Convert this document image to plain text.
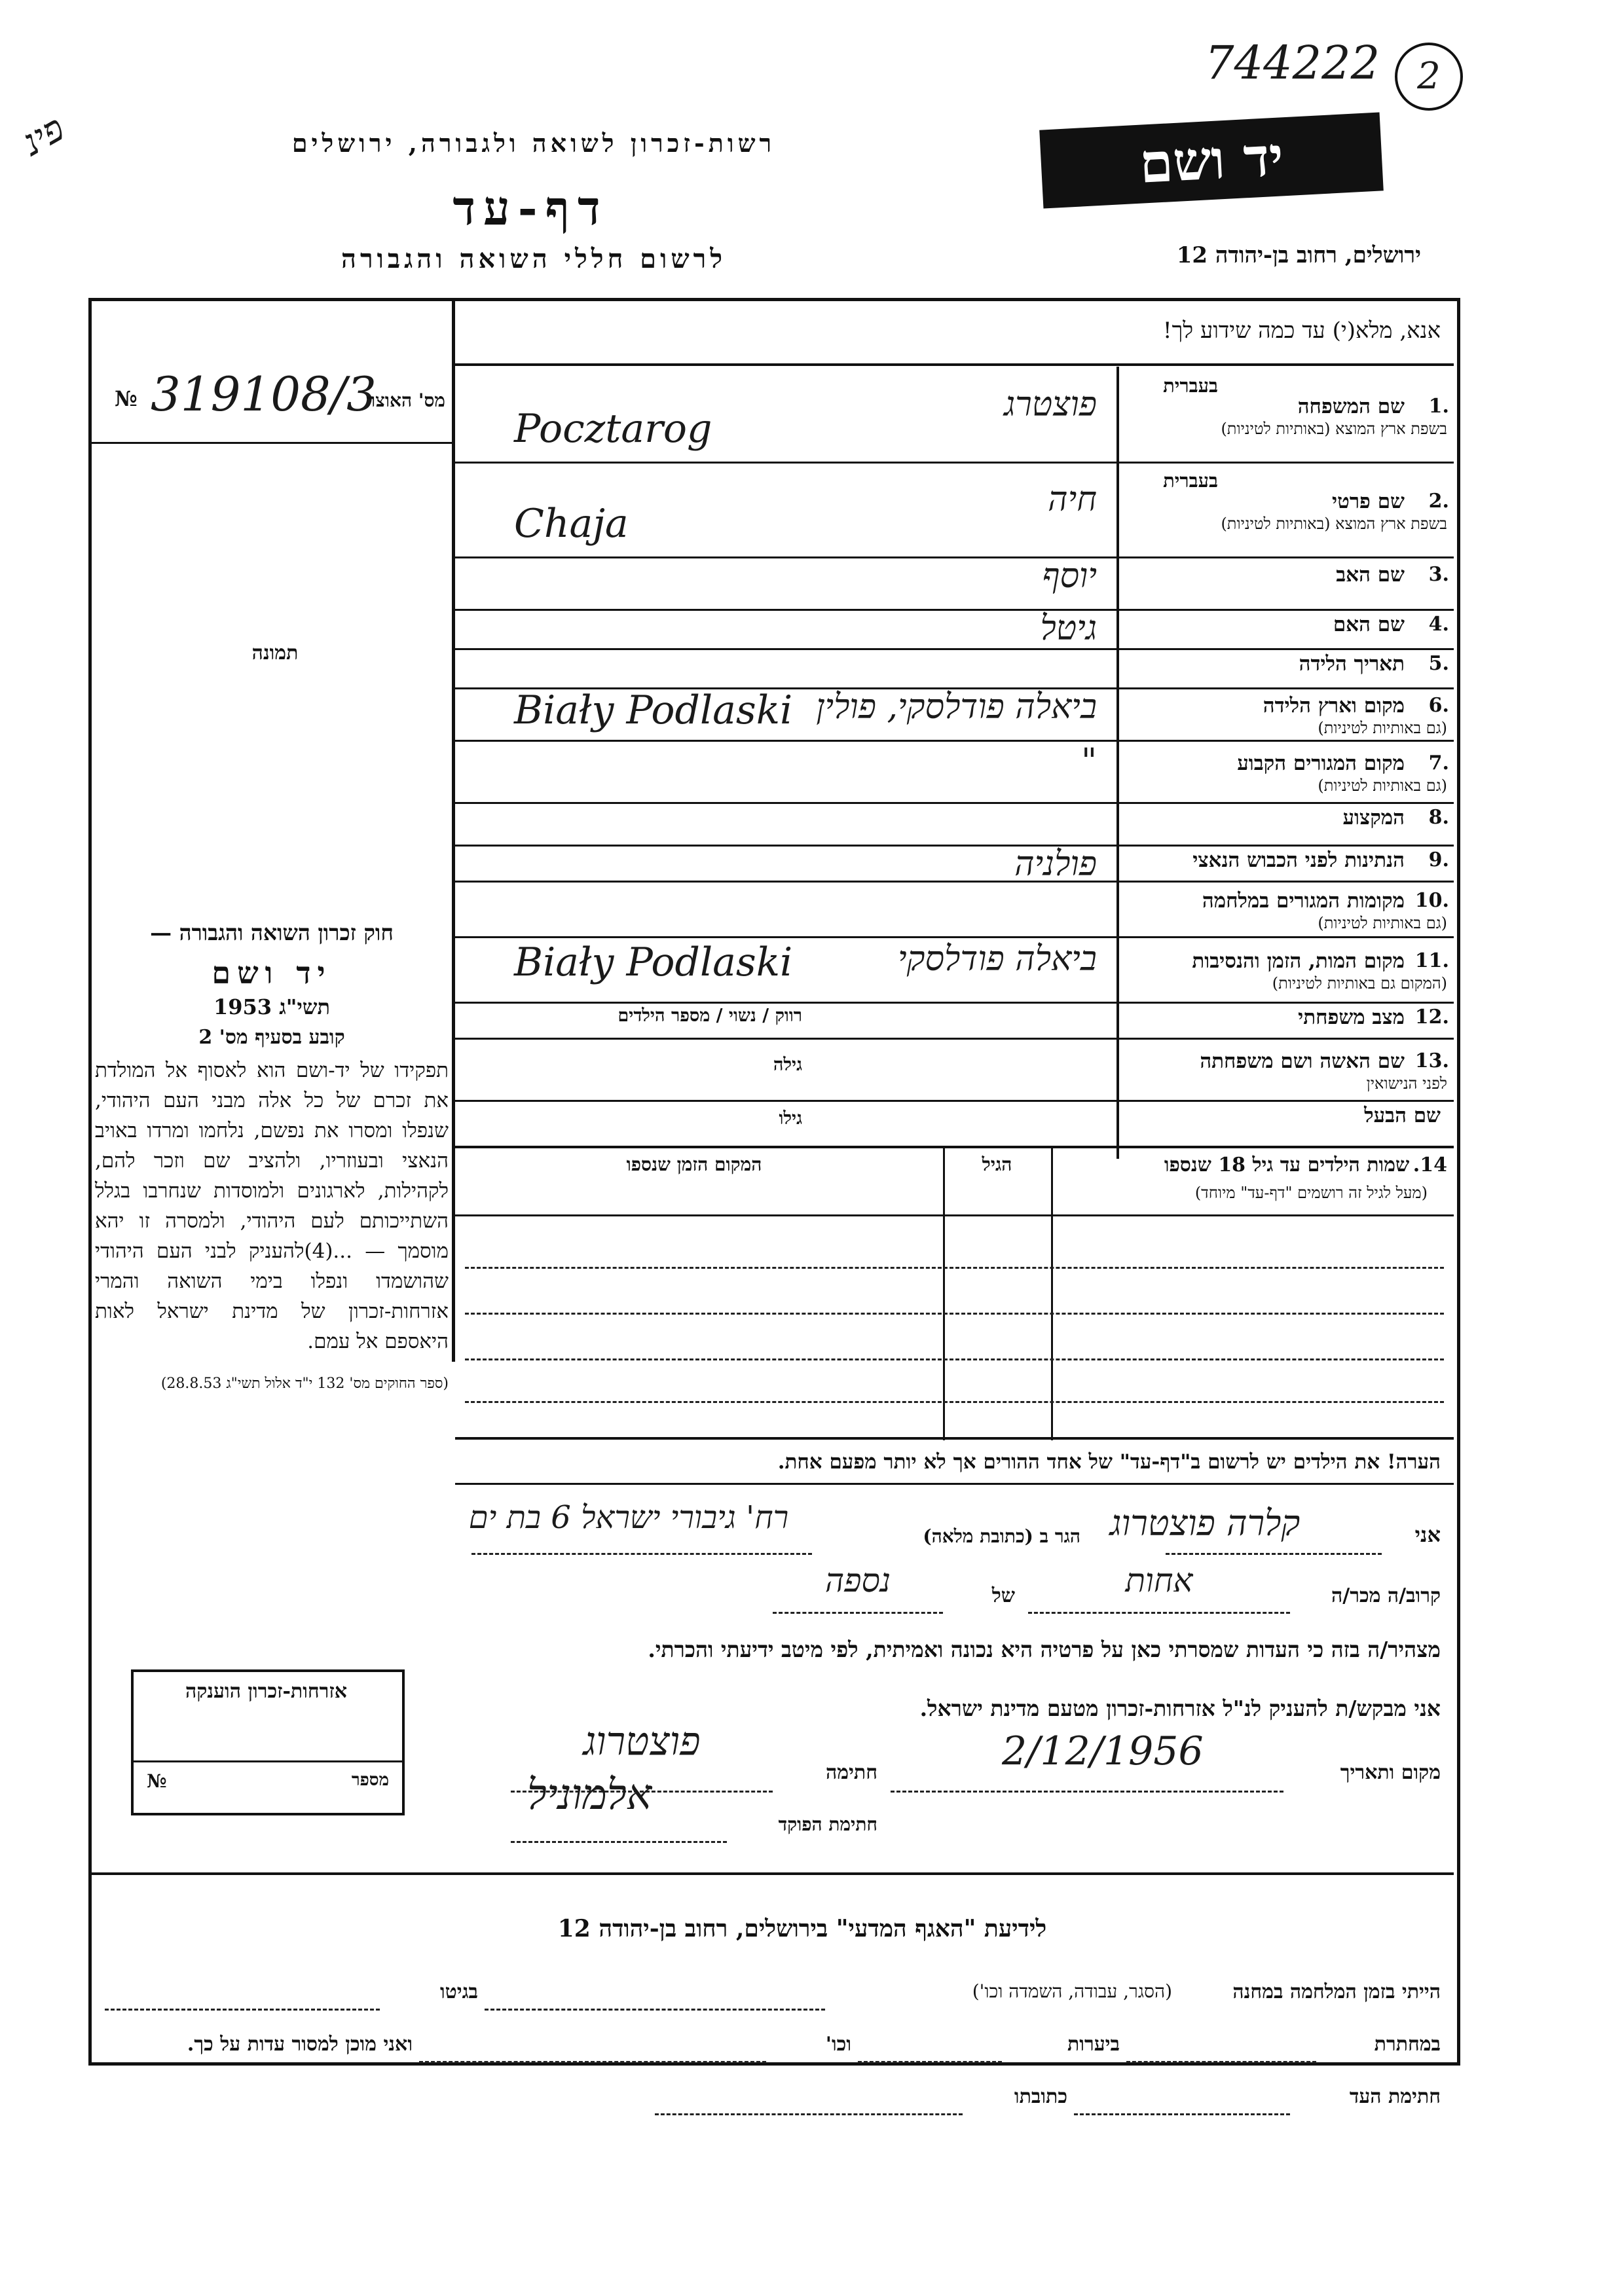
רשות-זכרון לשואה ולגבורה, ירושלים
דף-עד
לרשום חללי השואה והגבורה
יד ושם
ירושלים, רחוב בן-יהודה 12
744222	2
פינ
אנא, מלא(י) עד כמה שידוע לך!
№ 319108/3
מס' האוצר
תמונה
חוק זכרון השואה והגבורה —
יד ושם
תשי"ג 1953
קובע בסעיף מס' 2
תפקידו של יד-ושם הוא לאסוף אל המולדת את זכרם של כל אלה מבני העם היהודי, שנפלו ומסרו את נפשם, נלחמו ומרדו באויב הנאצי ובעוזריו, ולהציב שם וזכר להם, לקהילות, לארגונים ולמוסדות שנחרבו בגלל השתייכותם לעם היהודי, ולמסרה זו יהא מוסמך — ...(4)להעניק לבני העם היהודי שהושמדו ונפלו בימי השואה והמרי אזרחות-זכרון של מדינת ישראל לאות היאספם אל עמם.
(ספר החוקים מס' 132 י"ד אלול תשי"ג 28.8.53)
שם המשפחה	1.
בשפת ארץ המוצא (באותיות לטיניות)
בעברית
פוצטרג
Pocztarog
שם פרטי	2.
בשפת ארץ המוצא (באותיות לטיניות)
בעברית
חיה
Chaja
שם האב	3.
יוסף
שם האם	4.
גיטל
תאריך הלידה	5.
מקום וארץ הלידה	6.
(גם באותיות לטיניות)
ביאלה פודלסקי, פולין
Biały Podlaski
מקום המגורים הקבוע	7.
(גם באותיות לטיניות)
"
המקצוע	8.
הנתינות לפני הכבוש הנאצי	9.
פולניה
מקומות המגורים במלחמה 10.
(גם באותיות לטיניות)
מקום המות, הזמן והנסיבות 11.
(המקום גם באותיות לטיניות)
ביאלה פודלסקי
Biały Podlaski
מצב משפחתי 12.
רווק / נשוי / מספר הילדים
שם האשה ושם משפחתה 13.
לפני הנישואין
גילה
שם הבעל
גילו
14. שמות הילדים עד גיל 18 שנספו
(מעל לגיל זה רושמים "דף-עד" מיוחד)
הגיל
המקום הזמן שנספו
הערה! את הילדים יש לרשום ב"דף-עד" של אחד ההורים אך לא יותר מפעם אחת.
אני
קלרה פוצטרוג
הגר ב (כתובת מלאה)
רח' גיבורי ישראל 6 בת ים
קרוב/ה מכר/ה
אחות
של
נספה
מצהיר/ה בזה כי העדות שמסרתי כאן על פרטיה היא נכונה ואמיתית, לפי מיטב ידיעתי והכרתי.
אני מבקש/ת להעניק לנ"ל אזרחות-זכרון מטעם מדינת ישראל.
מקום ותאריך
2/12/1956
חתימה
פוצטרוג
חתימת הפוקד
אלמוניל
אזרחות-זכרון הוענקה
№	מספר
לידיעת "האגף המדעי" בירושלים, רחוב בן-יהודה 12
הייתי בזמן המלחמה במחנה
(הסגר, עבודה, השמדה וכו')
בגיטו
במחתרת
ביערות
וכו'
ואני מוכן למסור עדות על כך.
חתימת העד
כתובתו
